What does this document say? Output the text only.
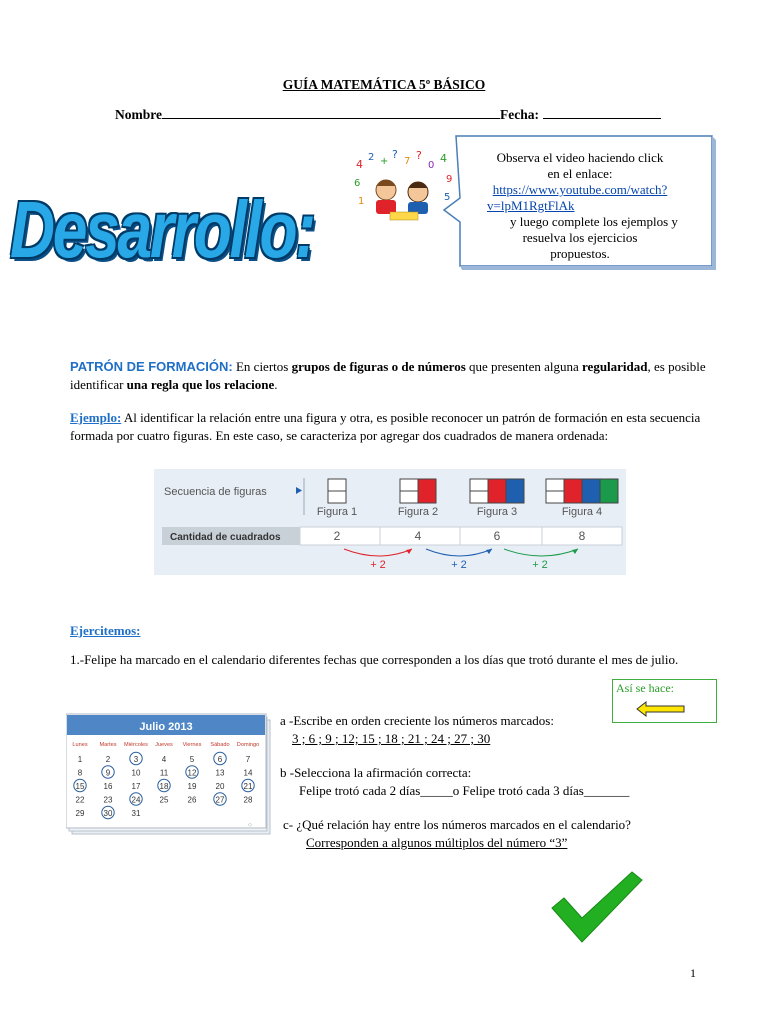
GUÍA MATEMÁTICA 5º BÁSICO
Nombre	Fecha:
4
2 +
?
7 ?
0
4
6	9
1	5
Desarrollo:
Observa el video haciendo click
en el enlace:
https://www.youtube.com/watch?
v=lpM1RgtFlAk
y luego complete los ejemplos y
resuelva los ejercicios
propuestos.
PATRÓN DE FORMACIÓN: En ciertos grupos de figuras o de números que presenten alguna regularidad, es posible identificar una regla que los relacione.
Ejemplo: Al identificar la relación entre una figura y otra, es posible reconocer un patrón de formación en esta secuencia formada por cuatro figuras. En este caso, se caracteriza por agregar dos cuadrados de manera ordenada:
Secuencia de figuras
Figura 1	Figura 2	Figura 3	Figura 4
Cantidad de cuadrados	2	4	6	8
+ 2	+ 2	+ 2
Ejercitemos:
1.-Felipe ha marcado en el calendario diferentes fechas que corresponden a los días que trotó durante el mes de julio.
Así se hace:
Julio 2013
Lunes Martes Miércoles Jueves Viernes Sábado Domingo
1	2	3	4	5	6	7
8	9	10 11 12 13 14
15 16 17 18 19 20 21
22 23 24 25 26 27 28
29 30 31
◇
a -Escribe en orden creciente los números marcados:
3 ; 6 ; 9 ; 12; 15 ; 18 ; 21 ; 24 ; 27 ; 30
b -Selecciona la afirmación correcta:
Felipe trotó cada 2 días_____o Felipe trotó cada 3 días_______
c- ¿Qué relación hay entre los números marcados en el calendario?
Corresponden a algunos múltiplos del número “3”
1
